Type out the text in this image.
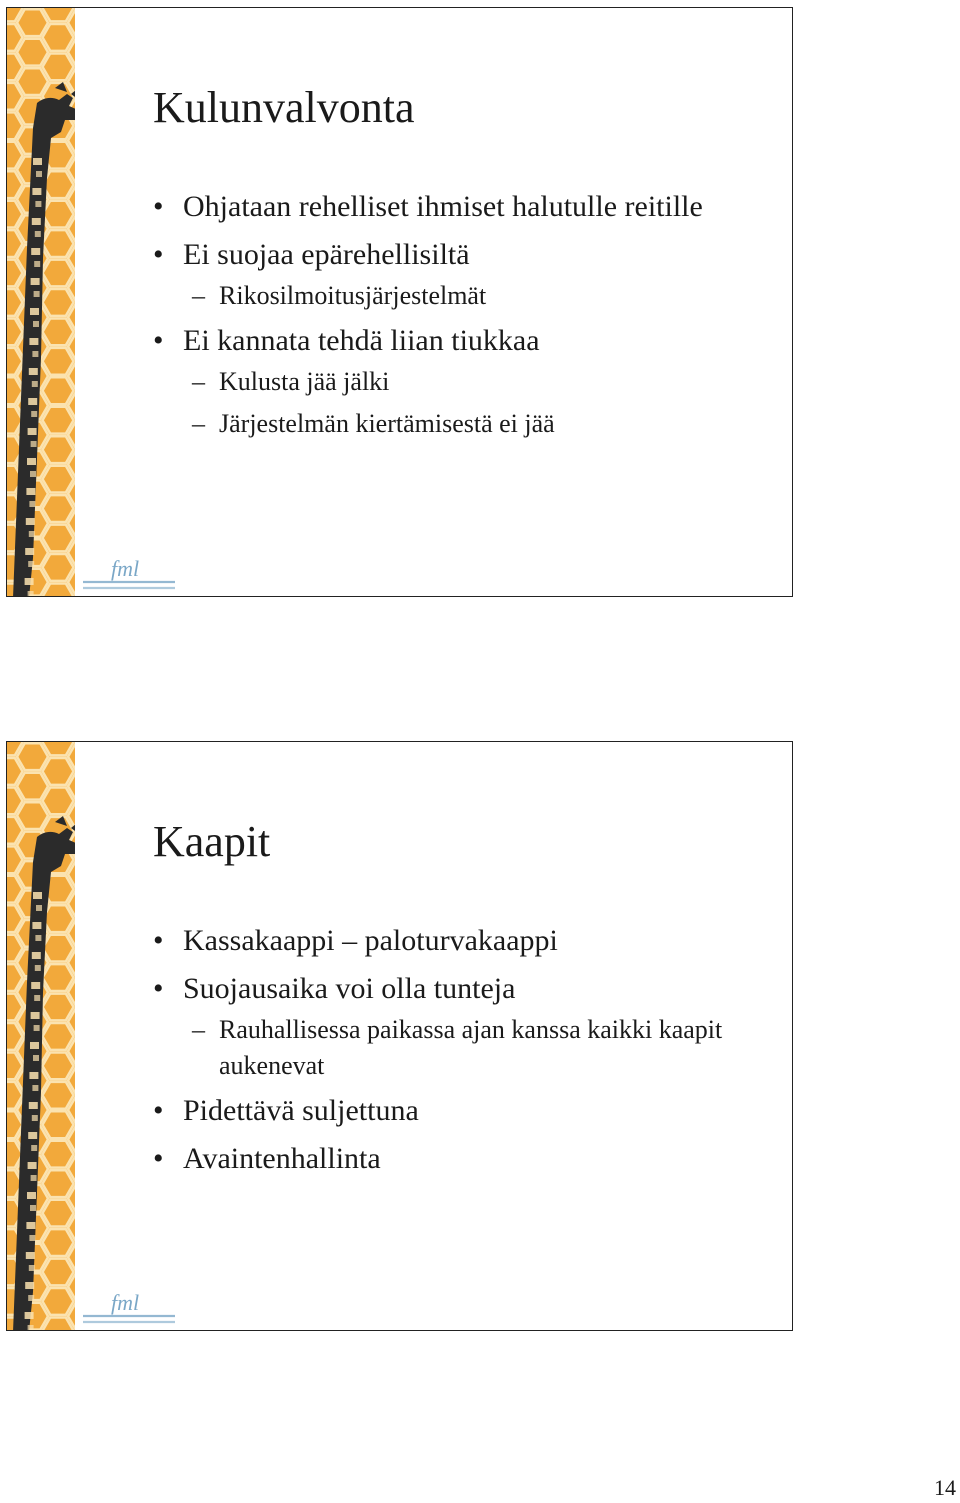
Kulunvalvonta
• Ohjataan rehelliset ihmiset halutulle reitille
• Ei suojaa epärehellisiltä
– Rikosilmoitusjärjestelmät
• Ei kannata tehdä liian tiukkaa
– Kulusta jää jälki
– Järjestelmän kiertämisestä ei jää
fml
Kaapit
• Kassakaappi – paloturvakaappi
• Suojausaika voi olla tunteja
– Rauhallisessa paikassa ajan kanssa kaikki kaapit aukenevat
• Pidettävä suljettuna
• Avaintenhallinta
fml
14
